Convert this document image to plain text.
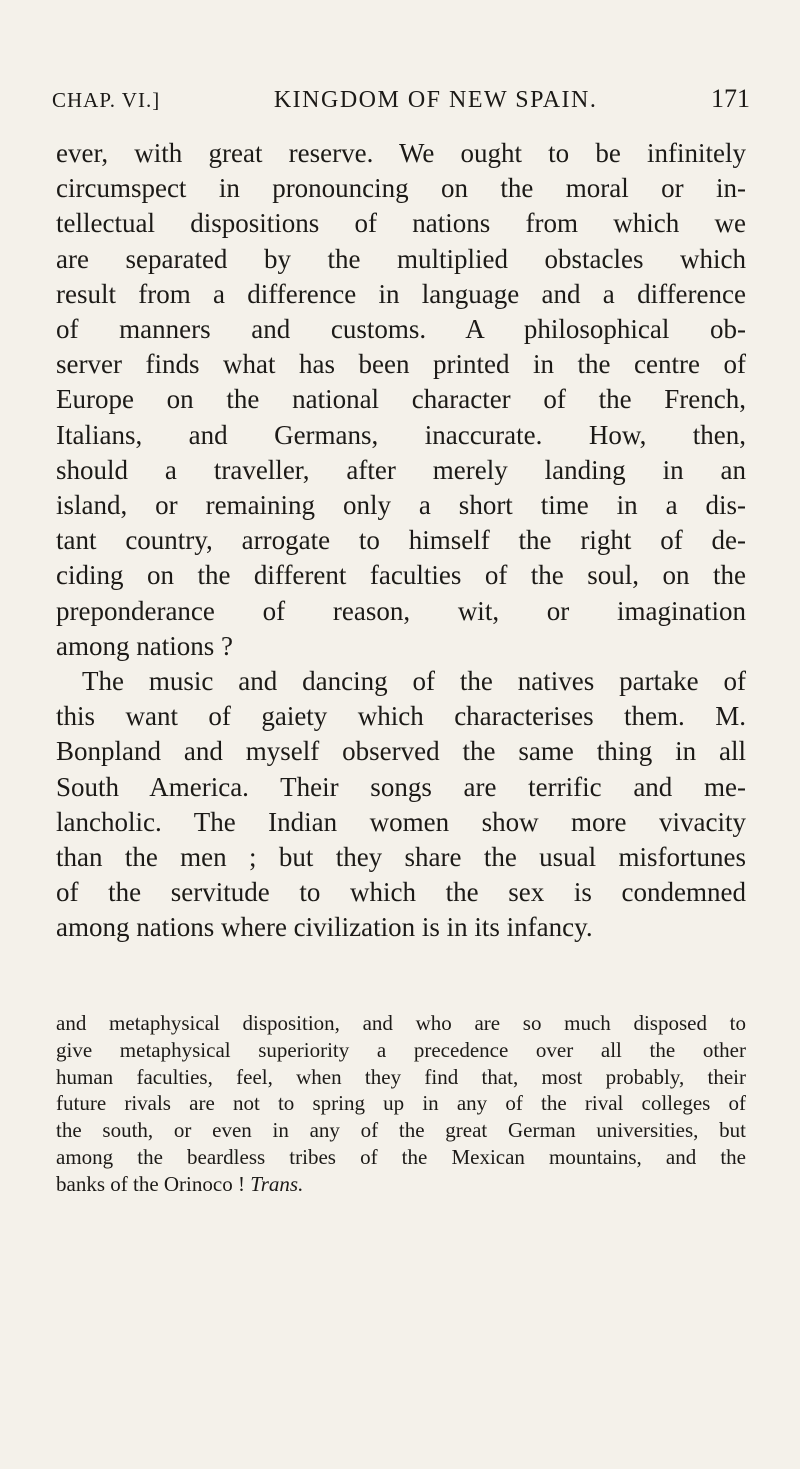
CHAP. VI.]	KINGDOM OF NEW SPAIN.	171
ever, with great reserve. We ought to be infinitely
circumspect in pronouncing on the moral or in-
tellectual dispositions of nations from which we
are separated by the multiplied obstacles which
result from a difference in language and a difference
of manners and customs. A philosophical ob-
server finds what has been printed in the centre of
Europe on the national character of the French,
Italians, and Germans, inaccurate. How, then,
should a traveller, after merely landing in an
island, or remaining only a short time in a dis-
tant country, arrogate to himself the right of de-
ciding on the different faculties of the soul, on the
preponderance of reason, wit, or imagination
among nations ?
The music and dancing of the natives partake of
this want of gaiety which characterises them. M.
Bonpland and myself observed the same thing in all
South America. Their songs are terrific and me-
lancholic. The Indian women show more vivacity
than the men ; but they share the usual misfortunes
of the servitude to which the sex is condemned
among nations where civilization is in its infancy.
and metaphysical disposition, and who are so much disposed to
give metaphysical superiority a precedence over all the other
human faculties, feel, when they find that, most probably, their
future rivals are not to spring up in any of the rival colleges of
the south, or even in any of the great German universities, but
among the beardless tribes of the Mexican mountains, and the
banks of the Orinoco ! Trans.
